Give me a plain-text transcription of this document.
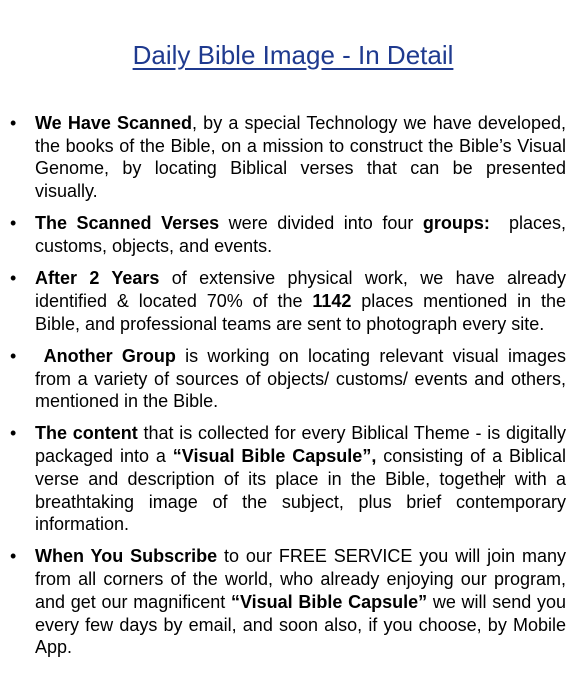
Daily Bible Image - In Detail
• We Have Scanned, by a special Technology we have developed, the books of the Bible, on a mission to construct the Bible’s Visual Genome, by locating Biblical verses that can be presented visually.
• The Scanned Verses were divided into four groups:  places, customs, objects, and events.
• After 2 Years of extensive physical work, we have already identified & located 70% of the 1142 places mentioned in the Bible, and professional teams are sent to photograph every site.
• Another Group is working on locating relevant visual images from a variety of sources of objects/ customs/ events and others, mentioned in the Bible.
• The content that is collected for every Biblical Theme - is digitally packaged into a “Visual Bible Capsule”, consisting of a Biblical verse and description of its place in the Bible, together with a breathtaking image of the subject, plus brief contemporary information.
• When You Subscribe to our FREE SERVICE you will join many from all corners of the world, who already enjoying our program, and get our magnificent “Visual Bible Capsule” we will send you every few days by email, and soon also, if you choose, by Mobile App.
